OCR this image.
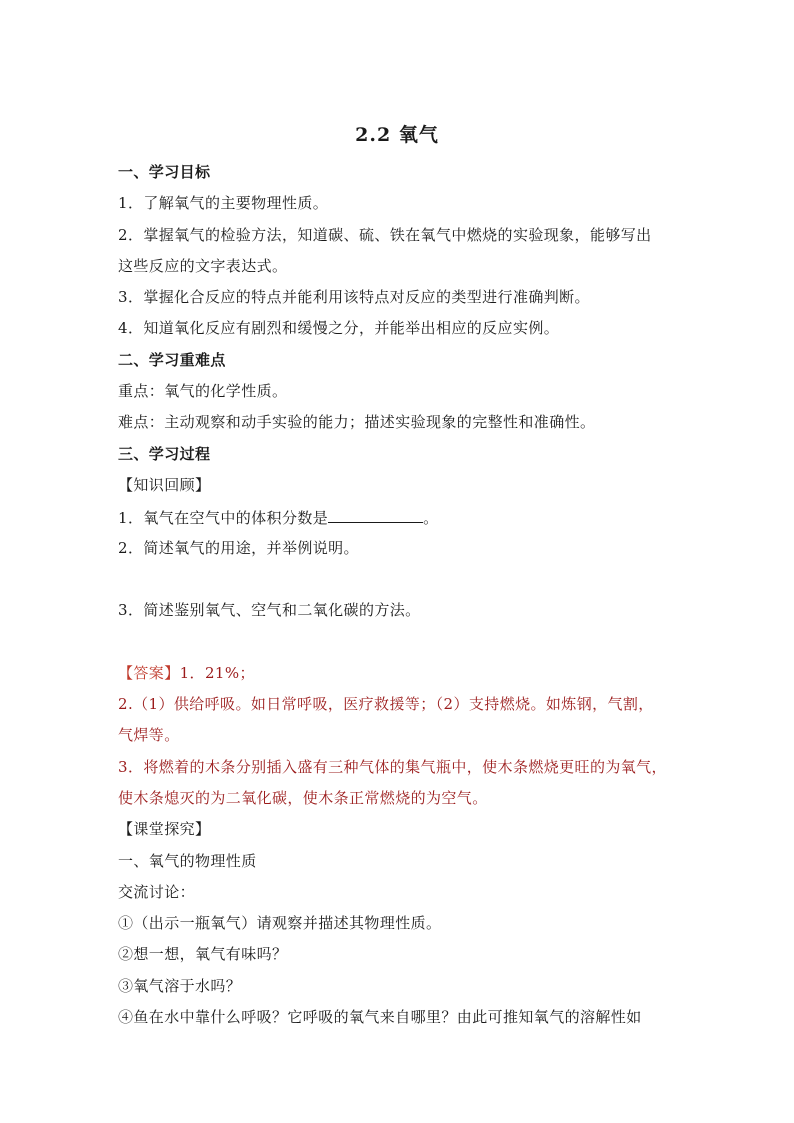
2.2 氧气
一、学习目标
1．了解氧气的主要物理性质。
2．掌握氧气的检验方法，知道碳、硫、铁在氧气中燃烧的实验现象，能够写出
这些反应的文字表达式。
3．掌握化合反应的特点并能利用该特点对反应的类型进行准确判断。
4．知道氧化反应有剧烈和缓慢之分，并能举出相应的反应实例。
二、学习重难点
重点：氧气的化学性质。
难点：主动观察和动手实验的能力；描述实验现象的完整性和准确性。
三、学习过程
【知识回顾】
1．氧气在空气中的体积分数是	。
2．简述氧气的用途，并举例说明。
3．简述鉴别氧气、空气和二氧化碳的方法。
【答案】1．21%；
2.（1）供给呼吸。如日常呼吸，医疗救援等；（2）支持燃烧。如炼钢，气割，
气焊等。
3．将燃着的木条分别插入盛有三种气体的集气瓶中，使木条燃烧更旺的为氧气，
使木条熄灭的为二氧化碳，使木条正常燃烧的为空气。
【课堂探究】
一、氧气的物理性质
交流讨论：
①（出示一瓶氧气）请观察并描述其物理性质。
②想一想，氧气有味吗？
③氧气溶于水吗？
④鱼在水中靠什么呼吸？它呼吸的氧气来自哪里？由此可推知氧气的溶解性如
